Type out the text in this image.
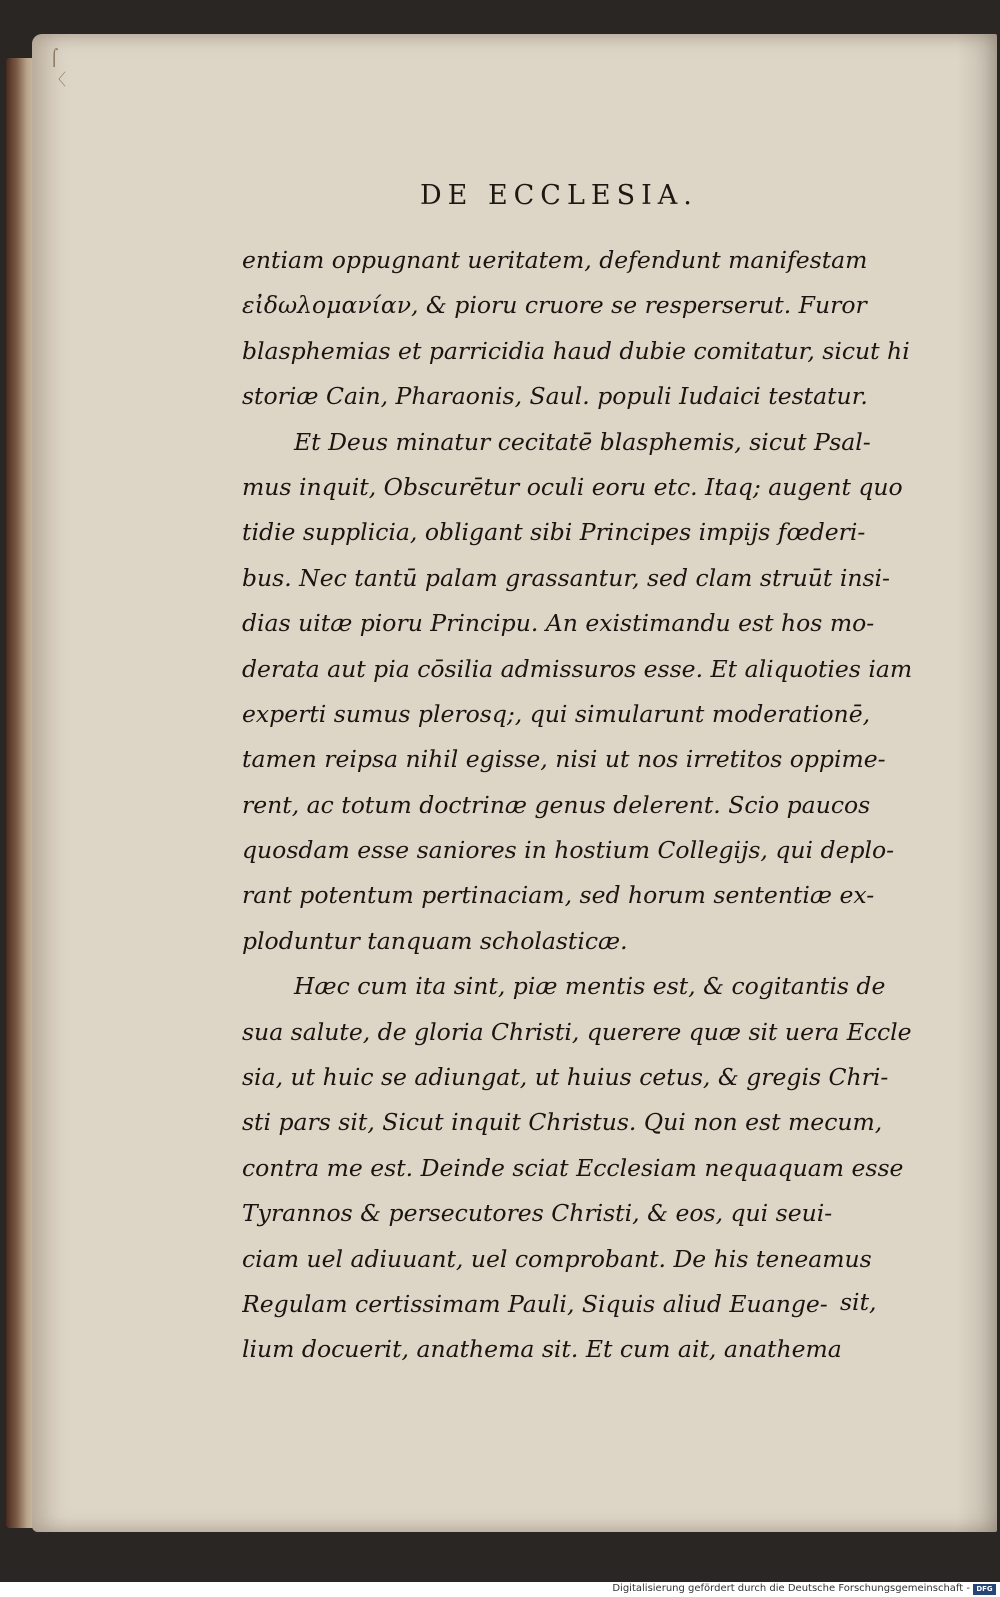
⌠ 〈
DE ECCLESIA.
entiam oppugnant ueritatem, defendunt manifestam
εἰδωλομανίαν, & pioru cruore se resperserut. Furor
blasphemias et parricidia haud dubie comitatur, sicut hi
storiæ Cain, Pharaonis, Saul. populi Iudaici testatur.
Et Deus minatur cecitatē blasphemis, sicut Psal-
mus inquit, Obscurētur oculi eoru etc. Itaq; augent quo
tidie supplicia, obligant sibi Principes impijs fœderi-
bus. Nec tantū palam grassantur, sed clam struūt insi-
dias uitæ pioru Principu. An existimandu est hos mo-
derata aut pia cōsilia admissuros esse. Et aliquoties iam
experti sumus plerosq;, qui simularunt moderationē,
tamen reipsa nihil egisse, nisi ut nos irretitos oppime-
rent, ac totum doctrinæ genus delerent. Scio paucos
quosdam esse saniores in hostium Collegijs, qui deplo-
rant potentum pertinaciam, sed horum sententiæ ex-
ploduntur tanquam scholasticæ.
Hæc cum ita sint, piæ mentis est, & cogitantis de
sua salute, de gloria Christi, querere quæ sit uera Eccle
sia, ut huic se adiungat, ut huius cetus, & gregis Chri-
sti pars sit, Sicut inquit Christus. Qui non est mecum,
contra me est. Deinde sciat Ecclesiam nequaquam esse
Tyrannos & persecutores Christi, & eos, qui seui-
ciam uel adiuuant, uel comprobant. De his teneamus
Regulam certissimam Pauli, Siquis aliud Euange-
lium docuerit, anathema sit. Et cum ait, anathema
sit,
Digitalisierung gefördert durch die Deutsche Forschungsgemeinschaft - DFG
